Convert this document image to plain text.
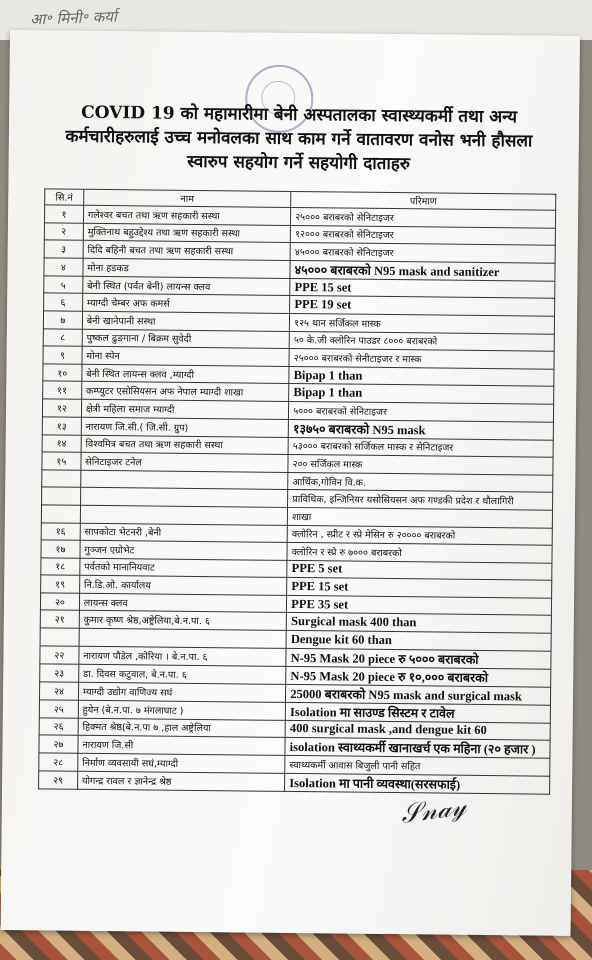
आ॰ मिनी॰ कर्या
COVID 19 को महामारीमा बेनी अस्पतालका स्वास्थ्यकर्मी तथा अन्य
कर्मचारीहरुलाई उच्च मनोवलका साथ काम गर्ने वातावरण वनोस भनी हौसला
स्वारुप सहयोग गर्ने सहयोगी दाताहरु
सि.नं	नाम	परिमाण
१	गलेश्वर बचत तथा ऋण सहकारी सस्था	२५००० बराबरको सेनिटाइजर
२	मुक्तिनाथ बहुउद्देश्य तथा ऋण सहकारी सस्था	१२००० बराबरको सेनिटाइजर
३	दिदि बहिनी बचत तथा ऋण सहकारी सस्था	४५००० बराबरको सेनिटाइजर
४	मोना हडकड	४५००० बराबरको N95 mask and sanitizer
५	बेनी स्थित (पर्वत बेनी) लायन्स क्लव	PPE 15 set
६	म्याग्दी चेम्बर अफ कमर्स	PPE 19 set
७	बेनी खानेपानी सस्था	१२५ थान सर्जिकल मास्क
८	पुष्कल ढुङगाना / बिक्रम सुवेदी	५० के.जी क्लोरिन पाउडर ८००० बराबरको
९	मोना स्पेन	२५००० बराबरको सेनीटाइजर र मास्क
१०	बेनी स्थित लायन्स क्लव ,म्याग्दी	Bipap 1 than
११	कम्प्युटर एसोसियसन अफ नेपाल म्याग्दी शाखा	Bipap 1 than
१२	क्षेत्री महिला समाज म्याग्दी	५००० बराबरको सेनिटाइजर
१३	नारायण जि.सी.( जि.सी. ग्रुप)	१३७५० बराबरको N95 mask
१४	विश्वमित्र बचत तथा ऋण सहकारी सस्था	५३००० बराबरको सर्जिकल मास्क र सेनिटाइजर
१५	सेनिटाइजर टनेल	२०० सर्जिकल मास्क
		आर्थिक,गोविन वि.क.
		प्राविधिक, इन्जिनियर यसोसियसन अफ गण्डकी प्रदेश र धौलागिरी
		शाखा
१६	सापकोटा भेटनरी ,बेनी	क्लोरिन , स्प्रीट र स्प्रे मेसिन रु २०००० बराबरको
१७	गुञ्जन एग्रोभेट	क्लोरिन र स्प्रे रु ७००० बराबरको
१८	पर्वतको मानानियवाट	PPE 5 set
१९	नि.डि.ओ. कार्यालय	PPE 15 set
२०	लायन्स क्लव	PPE 35 set
२१	कुमार कृष्ण श्रेष्ठ,अष्ट्रेलिया,बे.न.पा. ६	Surgical mask 400 than
		Dengue kit 60 than
२२	नारायण पौडेल ,कोरिया । बे.न.पा. ६	N-95 Mask 20 piece रु ५००० बराबरको
२३	डा. दिवस कटुवाल, बे.न.पा. ६	N-95 Mask 20 piece रु १०,००० बराबरको
२४	म्याग्दी उद्योग वाणिज्य सघं	25000 बराबरको N95 mask and surgical mask
२५	हुयेन (बे.न.पा. ७ मंगलाघाट )	Isolation मा साउण्ड सिस्टम र टावेल
२६	हिक्मत श्रेष्ठ(बे.न.पा ७ ,हाल अष्ट्रेलिया	400 surgical mask ,and dengue kit 60
२७	नारायण जि.सी	isolation स्वाथ्यकर्मी खानाखर्च एक महिना (२० हजार )
२८	निर्माण व्यवसायी सघं,म्याग्दी	स्वाथ्यकर्मी आवास बिजुली पानी सहित
२९	योगन्द्र रावल र ज्ञानेन्द्र श्रेष्ठ	Isolation मा पानी व्यवस्था(सरसफाई)
𝒮𝓃𝒶𝓎
